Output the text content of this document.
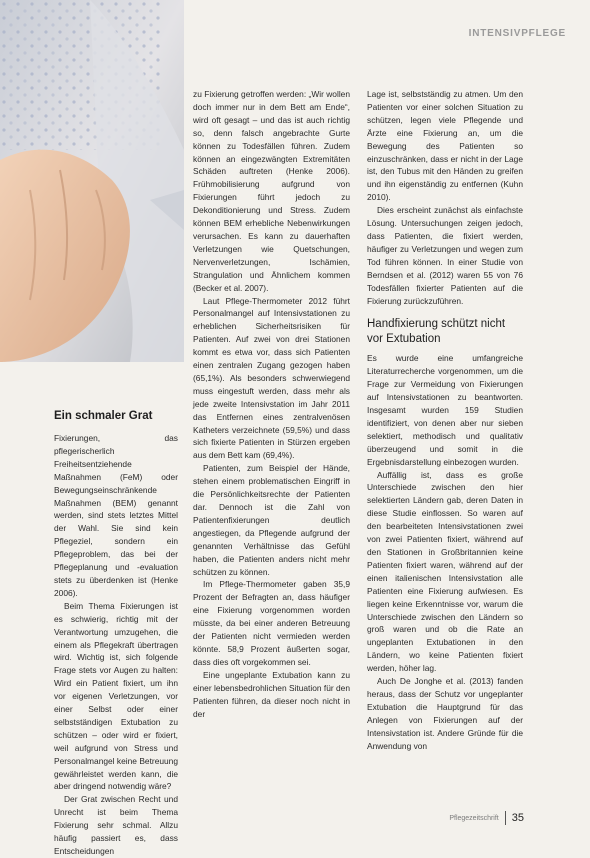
INTENSIVPFLEGE
Ein schmaler Grat

Fixierungen, das pflegerischerlich Freiheitsentziehende Maßnahmen (FeM) oder Bewegungseinschränkende Maßnahmen (BEM) genannt werden, sind stets letztes Mittel der Wahl. Sie sind kein Pflegeziel, sondern ein Pflegeproblem, das bei der Pflegeplanung und -evaluation stets zu überdenken ist (Henke 2006).

Beim Thema Fixierungen ist es schwierig, richtig mit der Verantwortung umzugehen, die einem als Pflegekraft übertragen wird. Wichtig ist, sich folgende Frage stets vor Augen zu halten: Wird ein Patient fixiert, um ihn vor eigenen Verletzungen, vor einer Selbst oder einer selbstständigen Extubation zu schützen – oder wird er fixiert, weil aufgrund von Stress und Personalmangel keine Betreuung gewährleistet werden kann, die aber dringend notwendig wäre?

Der Grat zwischen Recht und Unrecht ist beim Thema Fixierung sehr schmal. Allzu häufig passiert es, dass Entscheidungen

zu Fixierung getroffen werden: „Wir wollen doch immer nur in dem Bett am Ende“, wird oft gesagt – und das ist auch richtig so, denn falsch angebrachte Gurte können zu Todesfällen führen. Zudem können an eingezwängten Extremitäten Schäden auftreten (Henke 2006). Frühmobilisierung aufgrund von Fixierungen führt jedoch zu Dekonditionierung und Stress. Zudem können BEM erhebliche Nebenwirkungen verursachen. Es kann zu dauerhaften Verletzungen wie Quetschungen, Nervenverletzungen, Ischämien, Strangulation und Ähnlichem kommen (Becker et al. 2007).

Laut Pflege-Thermometer 2012 führt Personalmangel auf Intensivstationen zu erheblichen Sicherheitsrisiken für Patienten. Auf zwei von drei Stationen kommt es etwa vor, dass sich Patienten einen zentralen Zugang gezogen haben (65,1%). Als besonders schwerwiegend muss eingestuft werden, dass mehr als jede zweite Intensivstation im Jahr 2011 das Entfernen eines zentralvenösen Katheters verzeichnete (59,5%) und dass sich fixierte Patienten in Stürzen ergeben aus dem Bett kam (69,4%).

Patienten, zum Beispiel der Hände, stehen einem problematischen Eingriff in die Persönlichkeitsrechte der Patienten dar. Dennoch ist die Zahl von Patientenfixierungen deutlich angestiegen, da Pflegende aufgrund der genannten Verhältnisse das Gefühl haben, die Patienten anders nicht mehr schützen zu können.

Im Pflege-Thermometer gaben 35,9 Prozent der Befragten an, dass häufiger eine Fixierung vorgenommen worden müsste, da bei einer anderen Betreuung der Patienten nicht vermieden werden könnte. 58,9 Prozent äußerten sogar, dass dies oft vorgekommen sei.

Eine ungeplante Extubation kann zu einer lebensbedrohlichen Situation für den Patienten führen, da dieser noch nicht in der

Lage ist, selbstständig zu atmen. Um den Patienten vor einer solchen Situation zu schützen, legen viele Pflegende und Ärzte eine Fixierung an, um die Bewegung des Patienten so einzuschränken, dass er nicht in der Lage ist, den Tubus mit den Händen zu greifen und ihn eigenständig zu entfernen (Kuhn 2010).

Dies erscheint zunächst als einfachste Lösung. Untersuchungen zeigen jedoch, dass Patienten, die fixiert werden, häufiger zu Verletzungen und wegen zum Tod führen können. In einer Studie von Berndsen et al. (2012) waren 55 von 76 Todesfällen fixierter Patienten auf die Fixierung zurückzuführen.

Handfixierung schützt nicht vor Extubation

Es wurde eine umfangreiche Literaturrecherche vorgenommen, um die Frage zur Vermeidung von Fixierungen auf Intensivstationen zu beantworten. Insgesamt wurden 159 Studien identifiziert, von denen aber nur sieben selektiert, methodisch und qualitativ überzeugend und somit in die Ergebnisdarstellung einbezogen wurden.

Auffällig ist, dass es große Unterschiede zwischen den hier selektierten Ländern gab, deren Daten in diese Studie einflossen. So waren auf den bearbeiteten Intensivstationen zwei von zwei Patienten fixiert, während auf den Stationen in Großbritannien keine Patienten fixiert waren, während auf der einen italienischen Intensivstation alle Patienten eine Fixierung aufwiesen. Es liegen keine Erkenntnisse vor, warum die Unterschiede zwischen den Ländern so groß waren und ob die Rate an ungeplanten Extubationen in den Ländern, wo keine Patienten fixiert werden, höher lag.

Auch De Jonghe et al. (2013) fanden heraus, dass der Schutz vor ungeplanter Extubation die Hauptgrund für das Anlegen von Fixierungen auf der Intensivstation ist. Andere Gründe für die Anwendung von

Pflegezeitschrift 35
